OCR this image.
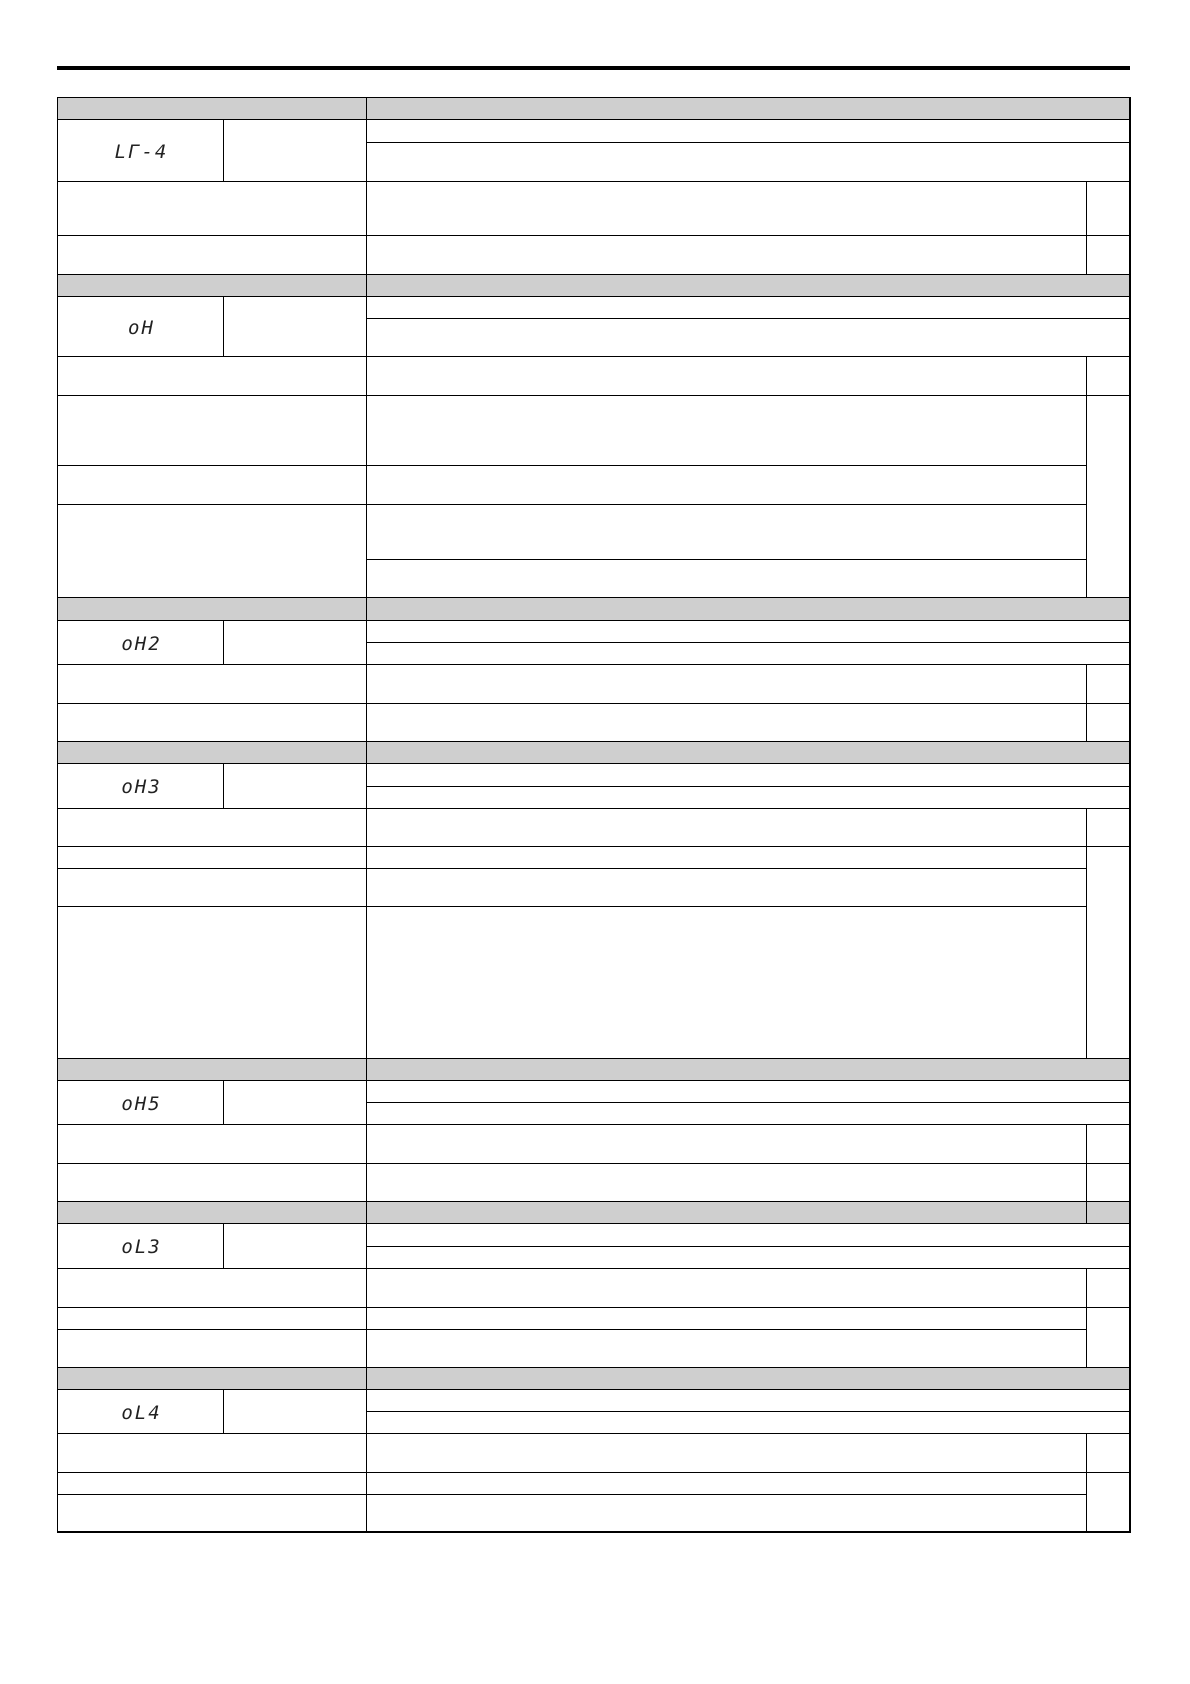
LΓ-4
oH
oH2
oH3
oH5
oL3
oL4
